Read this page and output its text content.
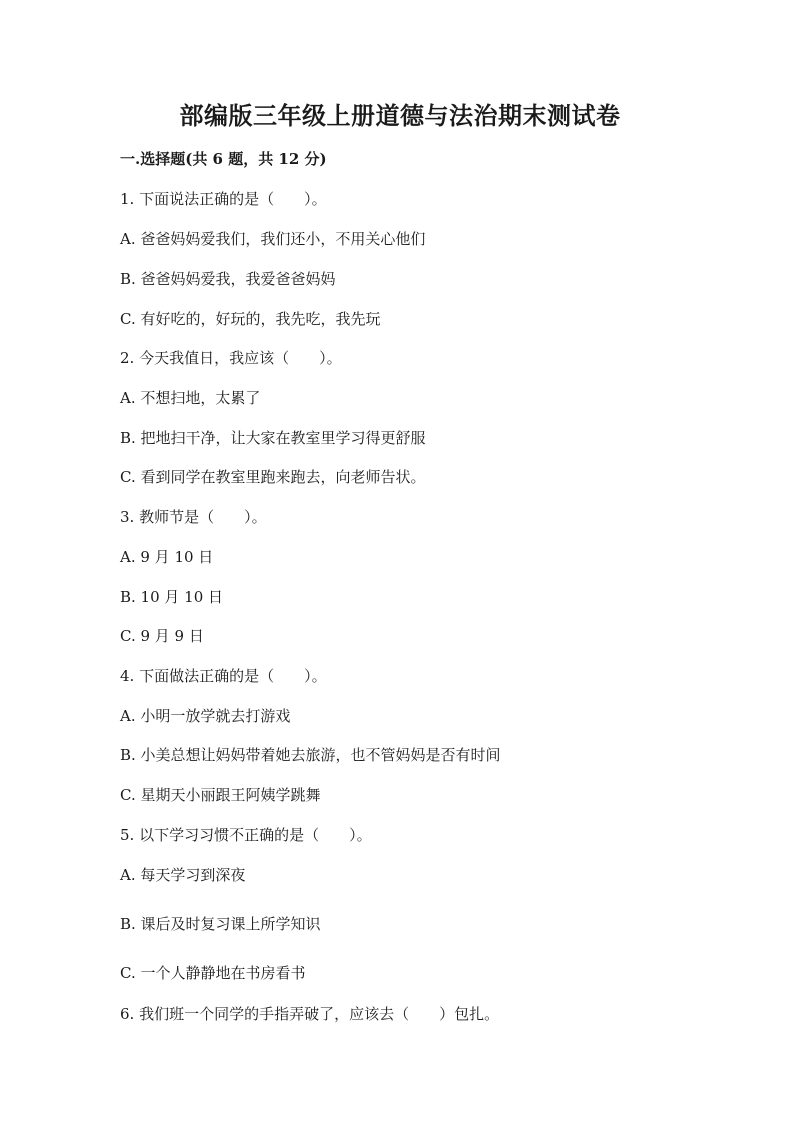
部编版三年级上册道德与法治期末测试卷
一.选择题(共 6 题，共 12 分)
1. 下面说法正确的是（　　）。
A. 爸爸妈妈爱我们，我们还小，不用关心他们
B. 爸爸妈妈爱我，我爱爸爸妈妈
C. 有好吃的，好玩的，我先吃，我先玩
2. 今天我值日，我应该（　　）。
A. 不想扫地，太累了
B. 把地扫干净，让大家在教室里学习得更舒服
C. 看到同学在教室里跑来跑去，向老师告状。
3. 教师节是（　　）。
A. 9 月 10 日
B. 10 月 10 日
C. 9 月 9 日
4. 下面做法正确的是（　　）。
A. 小明一放学就去打游戏
B. 小美总想让妈妈带着她去旅游，也不管妈妈是否有时间
C. 星期天小丽跟王阿姨学跳舞
5. 以下学习习惯不正确的是（　　）。
A. 每天学习到深夜
B. 课后及时复习课上所学知识
C. 一个人静静地在书房看书
6. 我们班一个同学的手指弄破了，应该去（　　）包扎。
